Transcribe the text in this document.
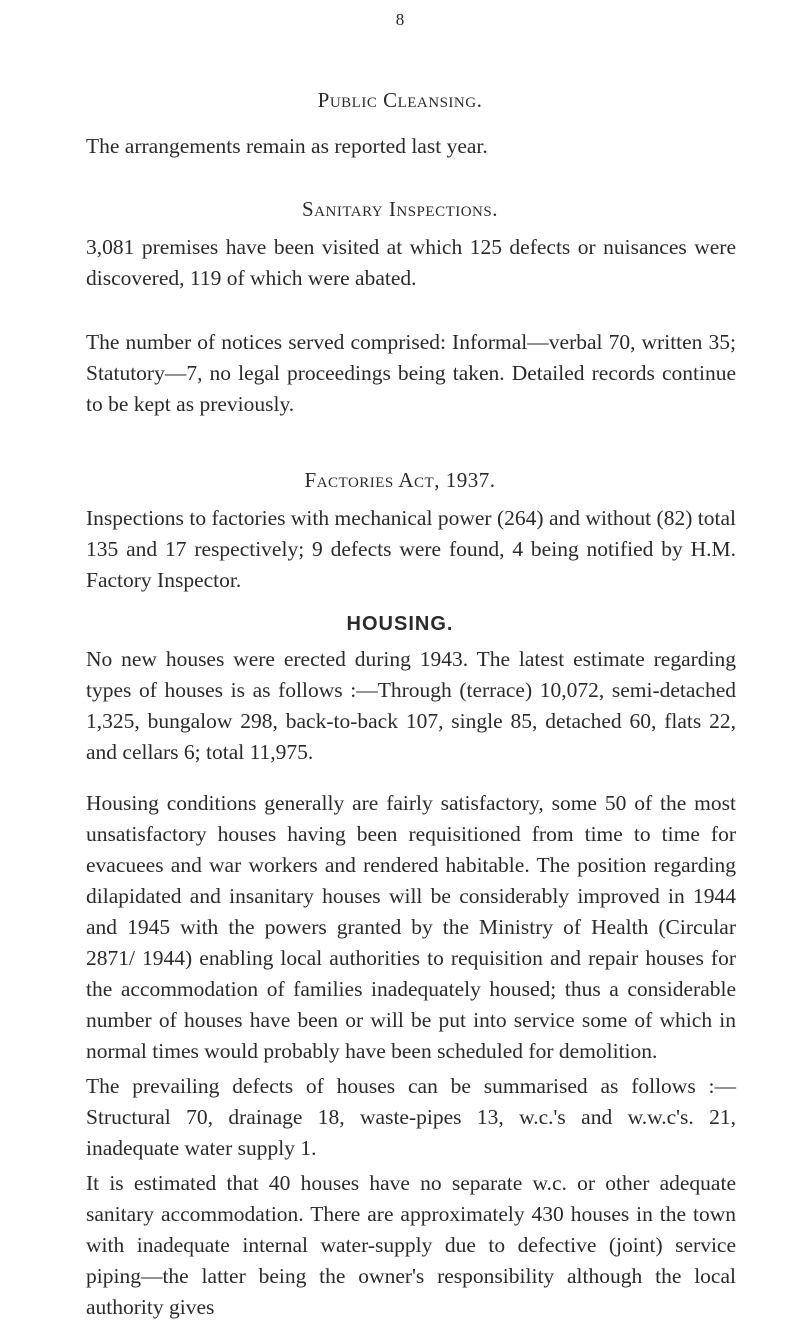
8
Public Cleansing.
The arrangements remain as reported last year.
Sanitary Inspections.
3,081 premises have been visited at which 125 defects or nuisances were discovered, 119 of which were abated.
The number of notices served comprised: Informal—verbal 70, written 35; Statutory—7, no legal proceedings being taken. Detailed records continue to be kept as previously.
Factories Act, 1937.
Inspections to factories with mechanical power (264) and without (82) total 135 and 17 respectively; 9 defects were found, 4 being notified by H.M. Factory Inspector.
HOUSING.
No new houses were erected during 1943. The latest estimate regarding types of houses is as follows :—Through (terrace) 10,072, semi-detached 1,325, bungalow 298, back-to-back 107, single 85, detached 60, flats 22, and cellars 6; total 11,975.
Housing conditions generally are fairly satisfactory, some 50 of the most unsatisfactory houses having been requisitioned from time to time for evacuees and war workers and rendered habitable. The position regarding dilapidated and insanitary houses will be considerably improved in 1944 and 1945 with the powers granted by the Ministry of Health (Circular 2871/ 1944) enabling local authorities to requisition and repair houses for the accommodation of families inadequately housed; thus a considerable number of houses have been or will be put into service some of which in normal times would probably have been scheduled for demolition.
The prevailing defects of houses can be summarised as follows :—Structural 70, drainage 18, waste-pipes 13, w.c.'s and w.w.c's. 21, inadequate water supply 1.
It is estimated that 40 houses have no separate w.c. or other adequate sanitary accommodation. There are approximately 430 houses in the town with inadequate internal water-supply due to defective (joint) service piping—the latter being the owner's responsibility although the local authority gives
